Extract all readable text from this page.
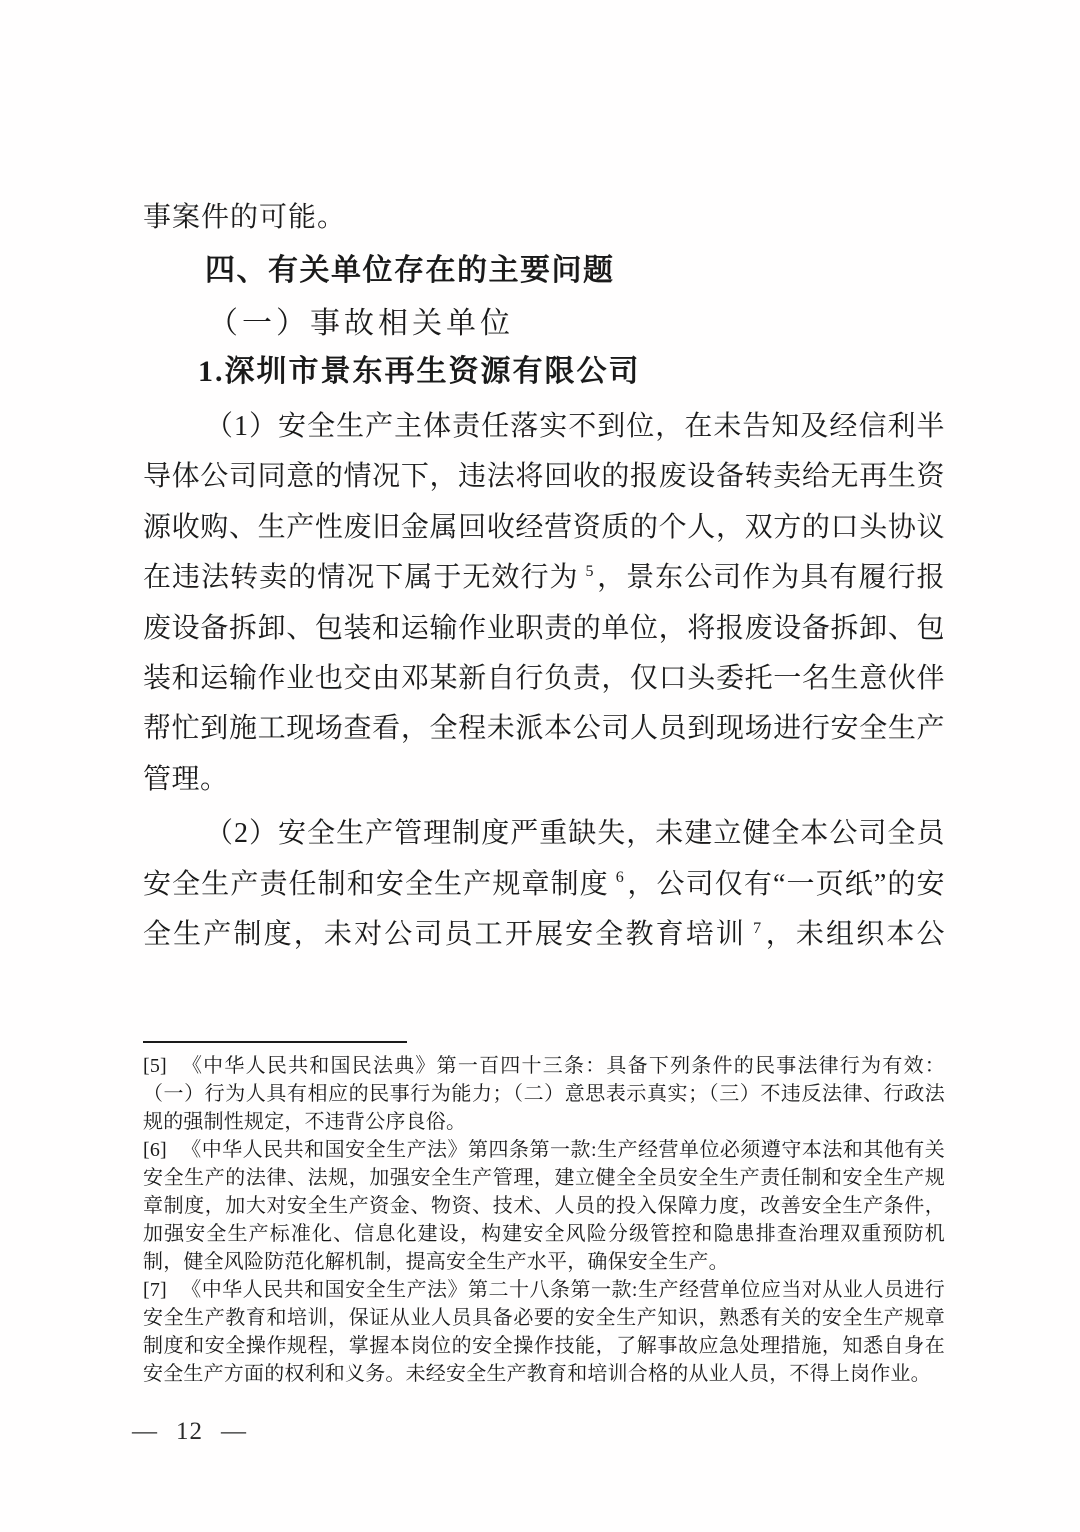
事案件的可能。

四、有关单位存在的主要问题
（一）事故相关单位
1.深圳市景东再生资源有限公司

（1）安全生产主体责任落实不到位，在未告知及经信利半导体公司同意的情况下，违法将回收的报废设备转卖给无再生资源收购、生产性废旧金属回收经营资质的个人，双方的口头协议在违法转卖的情况下属于无效行为 $^5$ ，景东公司作为具有履行报废设备拆卸、包装和运输作业职责的单位，将报废设备拆卸、包装和运输作业也交由邓某新自行负责，仅口头委托一名生意伙伴帮忙到施工现场查看，全程未派本公司人员到现场进行安全生产管理。

（2）安全生产管理制度严重缺失，未建立健全本公司全员安全生产责任制和安全生产规章制度 $^6$ ，公司仅有“一页纸”的安全生产制度，未对公司员工开展安全教育培训 $^7$ ，未组织本公

[5] 《中华人民共和国民法典》第一百四十三条：具备下列条件的民事法律行为有效：（一）行为人具有相应的民事行为能力；（二）意思表示真实；（三）不违反法律、行政法规的强制性规定，不违背公序良俗。

[6] 《中华人民共和国安全生产法》第四条第一款:生产经营单位必须遵守本法和其他有关安全生产的法律、法规，加强安全生产管理，建立健全全员安全生产责任制和安全生产规章制度，加大对安全生产资金、物资、技术、人员的投入保障力度，改善安全生产条件，加强安全生产标准化、信息化建设，构建安全风险分级管控和隐患排查治理双重预防机制，健全风险防范化解机制，提高安全生产水平，确保安全生产。

[7] 《中华人民共和国安全生产法》第二十八条第一款:生产经营单位应当对从业人员进行安全生产教育和培训，保证从业人员具备必要的安全生产知识，熟悉有关的安全生产规章制度和安全操作规程，掌握本岗位的安全操作技能，了解事故应急处理措施，知悉自身在安全生产方面的权利和义务。未经安全生产教育和培训合格的从业人员，不得上岗作业。

— 12 —
